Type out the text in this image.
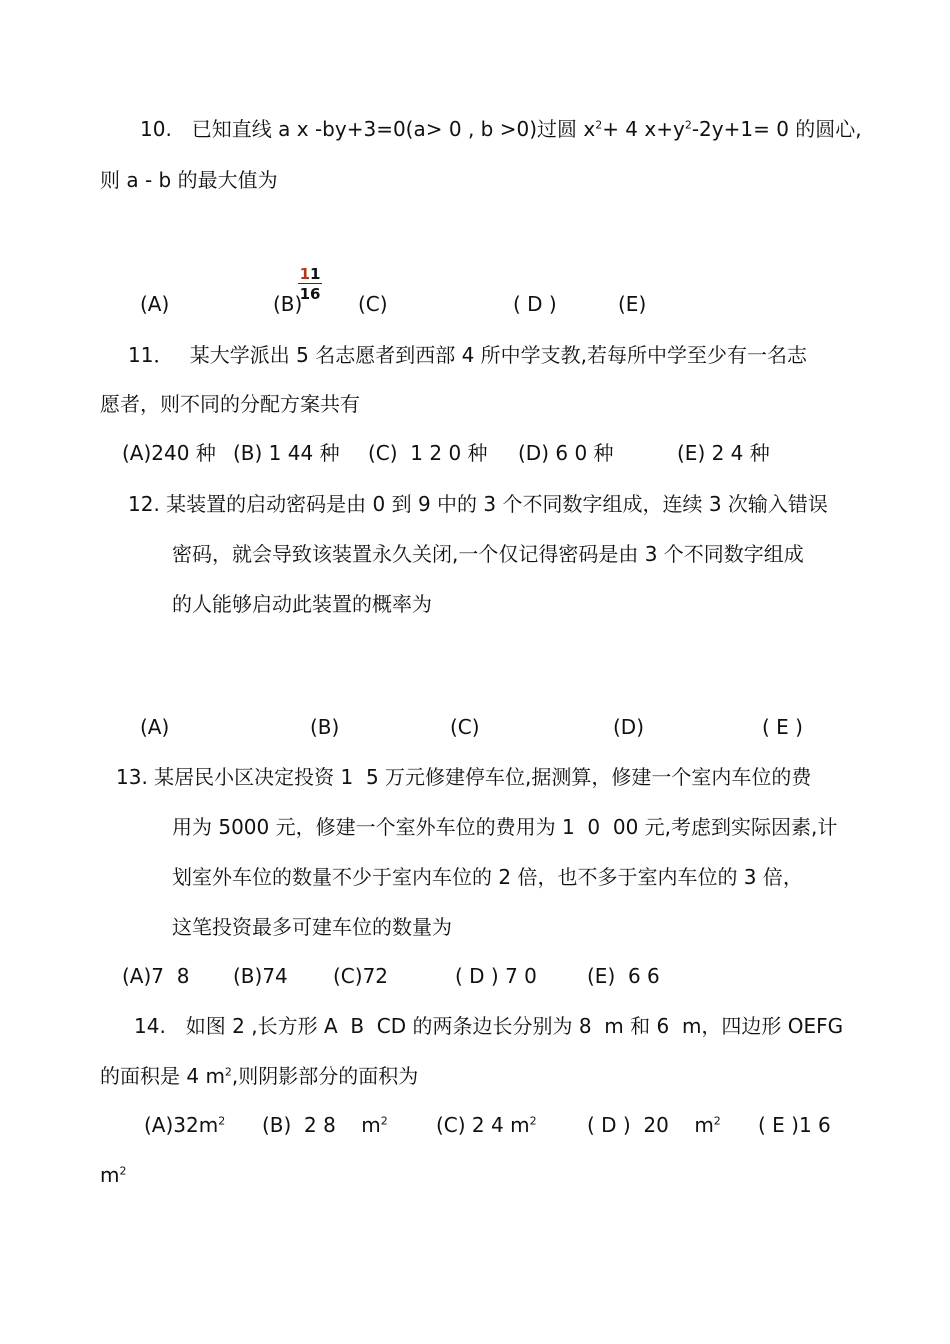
10.　已知直线 a x -by+3=0(a> 0 , b >0)过圆 $x^2+ 4$ $x+y^2-2y+1= 0$ 的圆心,
则 a - b 的最大值为
(A)	(B)
$\frac{11}{16}$
(C)	( D )	(E)
11．　 某大学派出 5 名志愿者到西部 4 所中学支教,若每所中学至少有一名志
愿者，则不同的分配方案共有
(A)240 种 (B) 1 44 种 (C)  1 2 0 种 (D) 6 0 种	(E) 2 4 种
12. 某装置的启动密码是由 0 到 9 中的 3 个不同数字组成，连续 3 次输入错误
密码，就会导致该装置永久关闭,一个仅记得密码是由 3 个不同数字组成
的人能够启动此装置的概率为
(A)	(B)	(C)	(D)	( E )
13. 某居民小区决定投资 1  5 万元修建停车位,据测算，修建一个室内车位的费
用为 5000 元，修建一个室外车位的费用为 1  0  00 元,考虑到实际因素,计
划室外车位的数量不少于室内车位的 2 倍，也不多于室内车位的 3 倍，
这笔投资最多可建车位的数量为
(A)7  8 (B)74 (C)72	( D ) 7 0	(E)  6 6
14.　如图 2 ,长方形 A  B  CD 的两条边长分别为 8  m 和 6  m，四边形 OEFG
的面积是 4 $m^2$,则阴影部分的面积为
$(A)32m^2$ (B)  2 8    $m^2$ (C) 2 4 $m^2$	( D )  20    $m^2$ ( E )1 6
$m^2$
